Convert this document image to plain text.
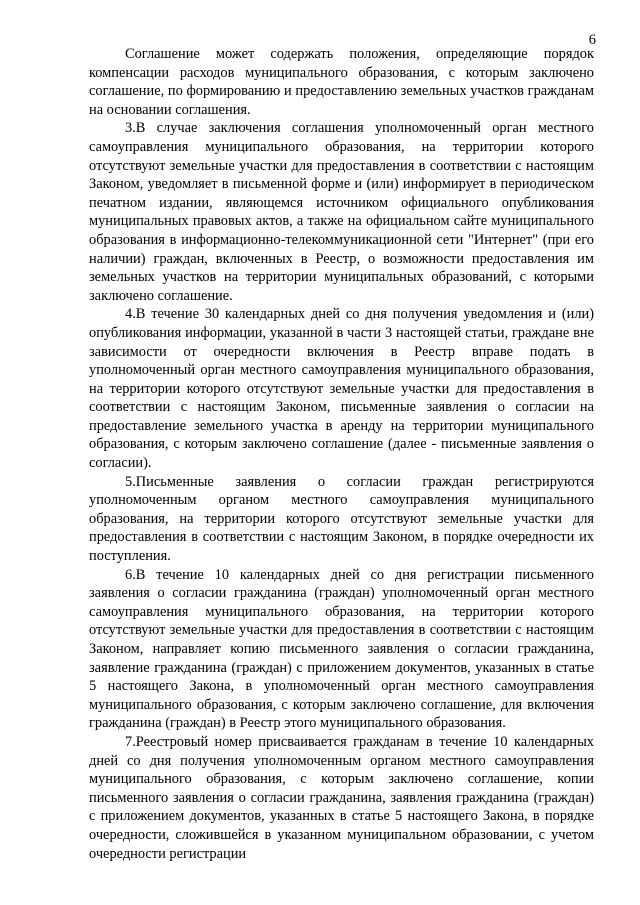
6

Соглашение может содержать положения, определяющие порядок компенсации расходов муниципального образования, с которым заключено соглашение, по формированию и предоставлению земельных участков гражданам на основании соглашения.

3.В случае заключения соглашения уполномоченный орган местного самоуправления муниципального образования, на территории которого отсутствуют земельные участки для предоставления в соответствии с настоящим Законом, уведомляет в письменной форме и (или) информирует в периодическом печатном издании, являющемся источником официального опубликования муниципальных правовых актов, а также на официальном сайте муниципального образования в информационно-телекоммуникационной сети "Интернет" (при его наличии) граждан, включенных в Реестр, о возможности предоставления им земельных участков на территории муниципальных образований, с которыми заключено соглашение.

4.В течение 30 календарных дней со дня получения уведомления и (или) опубликования информации, указанной в части 3 настоящей статьи, граждане вне зависимости от очередности включения в Реестр вправе подать в уполномоченный орган местного самоуправления муниципального образования, на территории которого отсутствуют земельные участки для предоставления в соответствии с настоящим Законом, письменные заявления о согласии на предоставление земельного участка в аренду на территории муниципального образования, с которым заключено соглашение (далее - письменные заявления о согласии).

5.Письменные заявления о согласии граждан регистрируются уполномоченным органом местного самоуправления муниципального образования, на территории которого отсутствуют земельные участки для предоставления в соответствии с настоящим Законом, в порядке очередности их поступления.

6.В течение 10 календарных дней со дня регистрации письменного заявления о согласии гражданина (граждан) уполномоченный орган местного самоуправления муниципального образования, на территории которого отсутствуют земельные участки для предоставления в соответствии с настоящим Законом, направляет копию письменного заявления о согласии гражданина, заявление гражданина (граждан) с приложением документов, указанных в статье 5 настоящего Закона, в уполномоченный орган местного самоуправления муниципального образования, с которым заключено соглашение, для включения гражданина (граждан) в Реестр этого муниципального образования.

7.Реестровый номер присваивается гражданам в течение 10 календарных дней со дня получения уполномоченным органом местного самоуправления муниципального образования, с которым заключено соглашение, копии письменного заявления о согласии гражданина, заявления гражданина (граждан) с приложением документов, указанных в статье 5 настоящего Закона, в порядке очередности, сложившейся в указанном муниципальном образовании, с учетом очередности регистрации
